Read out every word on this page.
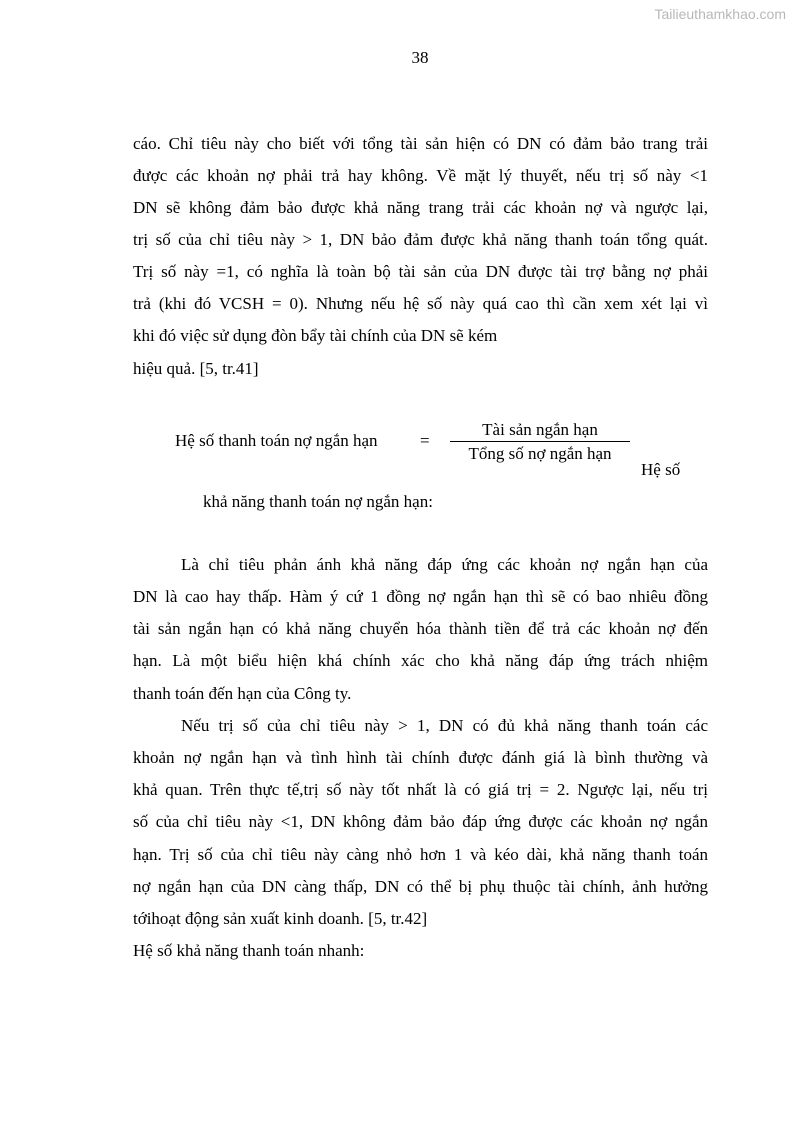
Tailieuthamkhao.com
38
cáo. Chỉ tiêu này cho biết với tổng tài sản hiện có DN có đảm bảo trang trải
được các khoản nợ phải trả hay không. Về mặt lý thuyết, nếu trị số này <1
DN sẽ không đảm bảo được khả năng trang trải các khoản nợ và ngược lại,
trị số của chỉ tiêu này > 1, DN bảo đảm được khả năng thanh toán tổng quát.
Trị số này =1, có nghĩa là toàn bộ tài sản của DN được tài trợ bằng nợ phải
trả (khi đó VCSH = 0). Nhưng nếu hệ số này quá cao thì cần xem xét lại vì
khi đó việc sử dụng đòn bẩy tài chính của DN sẽ kém
hiệu quả. [5, tr.41]
Hệ số thanh toán nợ ngắn hạn =
Tài sản ngắn hạn
Tổng số nợ ngắn hạn
Hệ số
khả năng thanh toán nợ ngắn hạn:
Là chỉ tiêu phản ánh khả năng đáp ứng các khoản nợ ngắn hạn của
DN là cao hay thấp. Hàm ý cứ 1 đồng nợ ngắn hạn thì sẽ có bao nhiêu đồng
tài sản ngắn hạn có khả năng chuyển hóa thành tiền để trả các khoản nợ đến
hạn. Là một biểu hiện khá chính xác cho khả năng đáp ứng trách nhiệm
thanh toán đến hạn của Công ty.
Nếu trị số của chỉ tiêu này > 1, DN có đủ khả năng thanh toán các
khoản nợ ngắn hạn và tình hình tài chính được đánh giá là bình thường và
khả quan. Trên thực tế,trị số này tốt nhất là có giá trị = 2. Ngược lại, nếu trị
số của chỉ tiêu này <1, DN không đảm bảo đáp ứng được các khoản nợ ngắn
hạn. Trị số của chỉ tiêu này càng nhỏ hơn 1 và kéo dài, khả năng thanh toán
nợ ngắn hạn của DN càng thấp, DN có thể bị phụ thuộc tài chính, ảnh hưởng
tớihoạt động sản xuất kinh doanh. [5, tr.42]
Hệ số khả năng thanh toán nhanh:
